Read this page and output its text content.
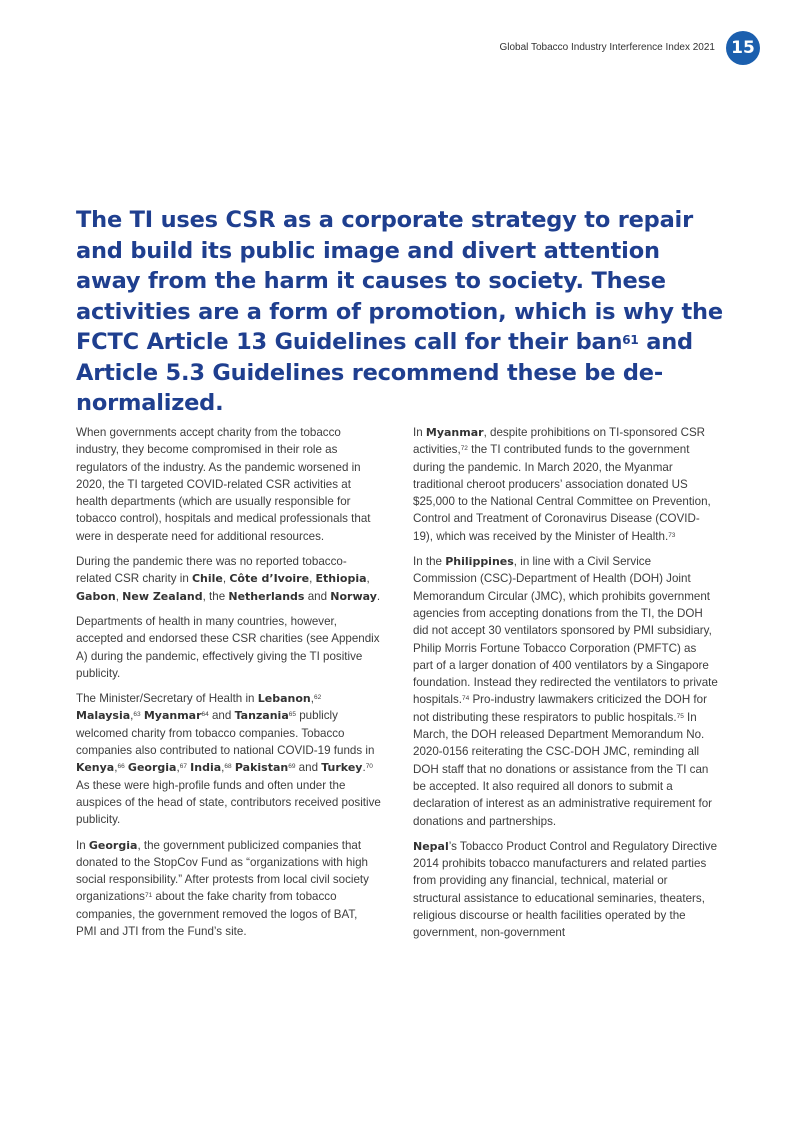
Global Tobacco Industry Interference Index 2021 15
The TI uses CSR as a corporate strategy to repair and build its public image and divert attention away from the harm it causes to society. These activities are a form of promotion, which is why the FCTC Article 13 Guidelines call for their ban$^{61}$ and Article 5.3 Guidelines recommend these be de-normalized.

When governments accept charity from the tobacco industry, they become compromised in their role as regulators of the industry. As the pandemic worsened in 2020, the TI targeted COVID-related CSR activities at health departments (which are usually responsible for tobacco control), hospitals and medical professionals that were in desperate need for additional resources.

During the pandemic there was no reported tobacco-related CSR charity in Chile, Côte d’Ivoire, Ethiopia, Gabon, New Zealand, the Netherlands and Norway.

Departments of health in many countries, however, accepted and endorsed these CSR charities (see Appendix A) during the pandemic, effectively giving the TI positive publicity.

The Minister/Secretary of Health in Lebanon,$^{62}$ Malaysia,$^{63}$ Myanmar$^{64}$ and Tanzania$^{65}$ publicly welcomed charity from tobacco companies. Tobacco companies also contributed to national COVID-19 funds in Kenya,$^{66}$ Georgia,$^{67}$ India,$^{68}$ Pakistan$^{69}$ and Turkey.$^{70}$ As these were high-profile funds and often under the auspices of the head of state, contributors received positive publicity.

In Georgia, the government publicized companies that donated to the StopCov Fund as “organizations with high social responsibility.” After protests from local civil society organizations$^{71}$ about the fake charity from tobacco companies, the government removed the logos of BAT, PMI and JTI from the Fund’s site.

In Myanmar, despite prohibitions on TI-sponsored CSR activities,$^{72}$ the TI contributed funds to the government during the pandemic. In March 2020, the Myanmar traditional cheroot producers’ association donated US $25,000 to the National Central Committee on Prevention, Control and Treatment of Coronavirus Disease (COVID-19), which was received by the Minister of Health.$^{73}$

In the Philippines, in line with a Civil Service Commission (CSC)-Department of Health (DOH) Joint Memorandum Circular (JMC), which prohibits government agencies from accepting donations from the TI, the DOH did not accept 30 ventilators sponsored by PMI subsidiary, Philip Morris Fortune Tobacco Corporation (PMFTC) as part of a larger donation of 400 ventilators by a Singapore foundation. Instead they redirected the ventilators to private hospitals.$^{74}$ Pro-industry lawmakers criticized the DOH for not distributing these respirators to public hospitals.$^{75}$ In March, the DOH released Department Memorandum No. 2020-0156 reiterating the CSC-DOH JMC, reminding all DOH staff that no donations or assistance from the TI can be accepted. It also required all donors to submit a declaration of interest as an administrative requirement for donations and partnerships.

Nepal’s Tobacco Product Control and Regulatory Directive 2014 prohibits tobacco manufacturers and related parties from providing any financial, technical, material or structural assistance to educational seminaries, theaters, religious discourse or health facilities operated by the government, non-government
